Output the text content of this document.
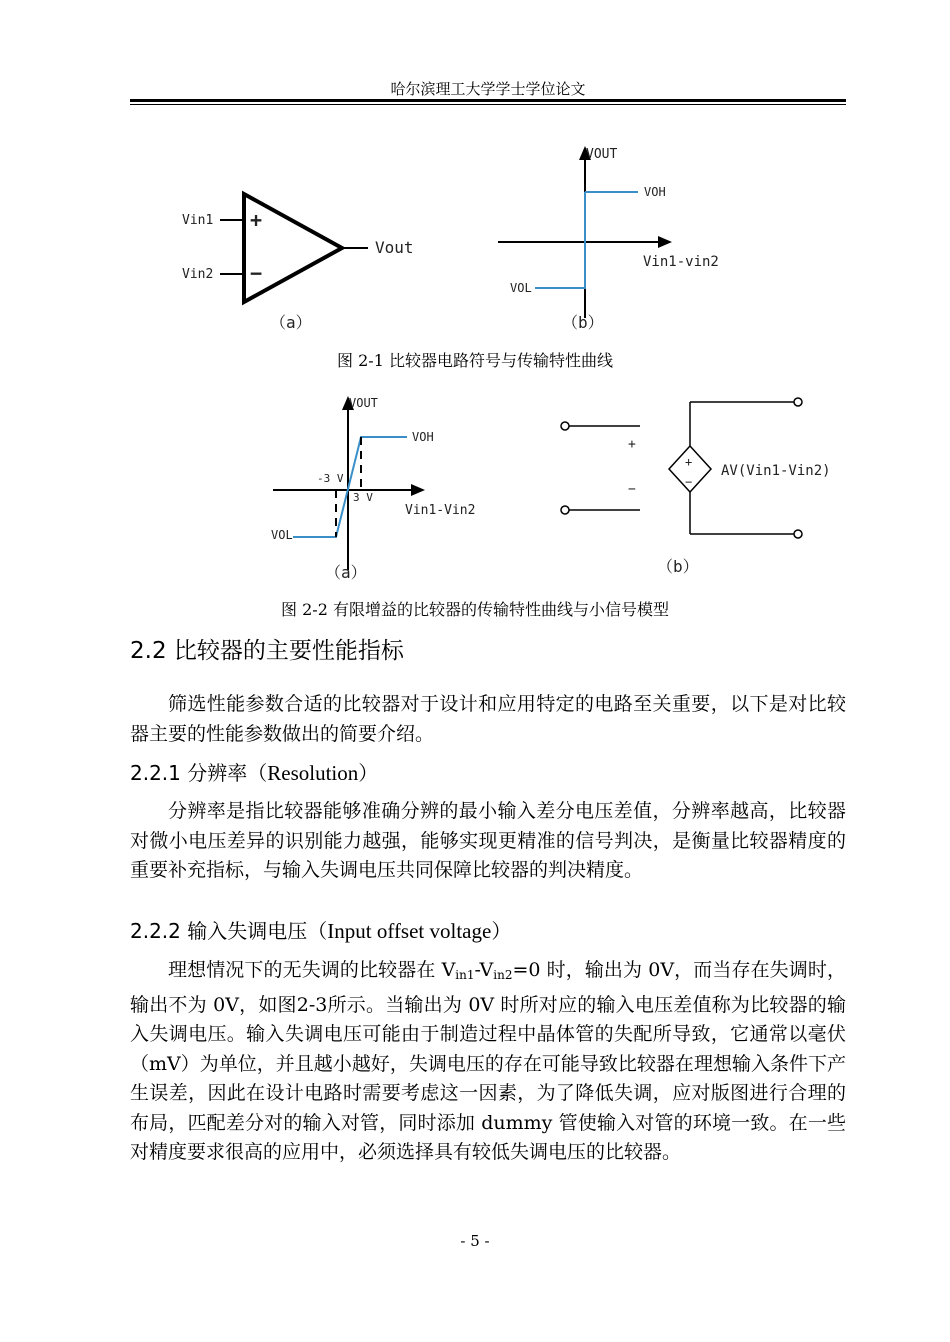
哈尔滨理工大学学士学位论文
+
−
Vin1
Vin2
Vout
（a）
VOUT
VOH
Vin1-vin2
VOL
（b）
图 2-1 比较器电路符号与传输特性曲线
VOUT
VOH
-3 V
3 V
Vin1-Vin2
VOL
（a）
+
−
+
−
AV(Vin1-Vin2)
（b）
图 2-2 有限增益的比较器的传输特性曲线与小信号模型
2.2 比较器的主要性能指标

筛选性能参数合适的比较器对于设计和应用特定的电路至关重要，以下是对比较器主要的性能参数做出的简要介绍。

2.2.1 分辨率（Resolution）

分辨率是指比较器能够准确分辨的最小输入差分电压差值，分辨率越高，比较器对微小电压差异的识别能力越强，能够实现更精准的信号判决，是衡量比较器精度的重要补充指标，与输入失调电压共同保障比较器的判决精度。

2.2.2 输入失调电压（Input offset voltage）

理想情况下的无失调的比较器在 $V_{in1}-V_{in2}=0$ 时，输出为 0V，而当存在失调时，输出不为 0V，如图2-3所示。当输出为 0V 时所对应的输入电压差值称为比较器的输入失调电压。输入失调电压可能由于制造过程中晶体管的失配所导致，它通常以毫伏（mV）为单位，并且越小越好，失调电压的存在可能导致比较器在理想输入条件下产生误差，因此在设计电路时需要考虑这一因素，为了降低失调，应对版图进行合理的布局，匹配差分对的输入对管，同时添加 dummy 管使输入对管的环境一致。在一些对精度要求很高的应用中，必须选择具有较低失调电压的比较器。

- 5 -
